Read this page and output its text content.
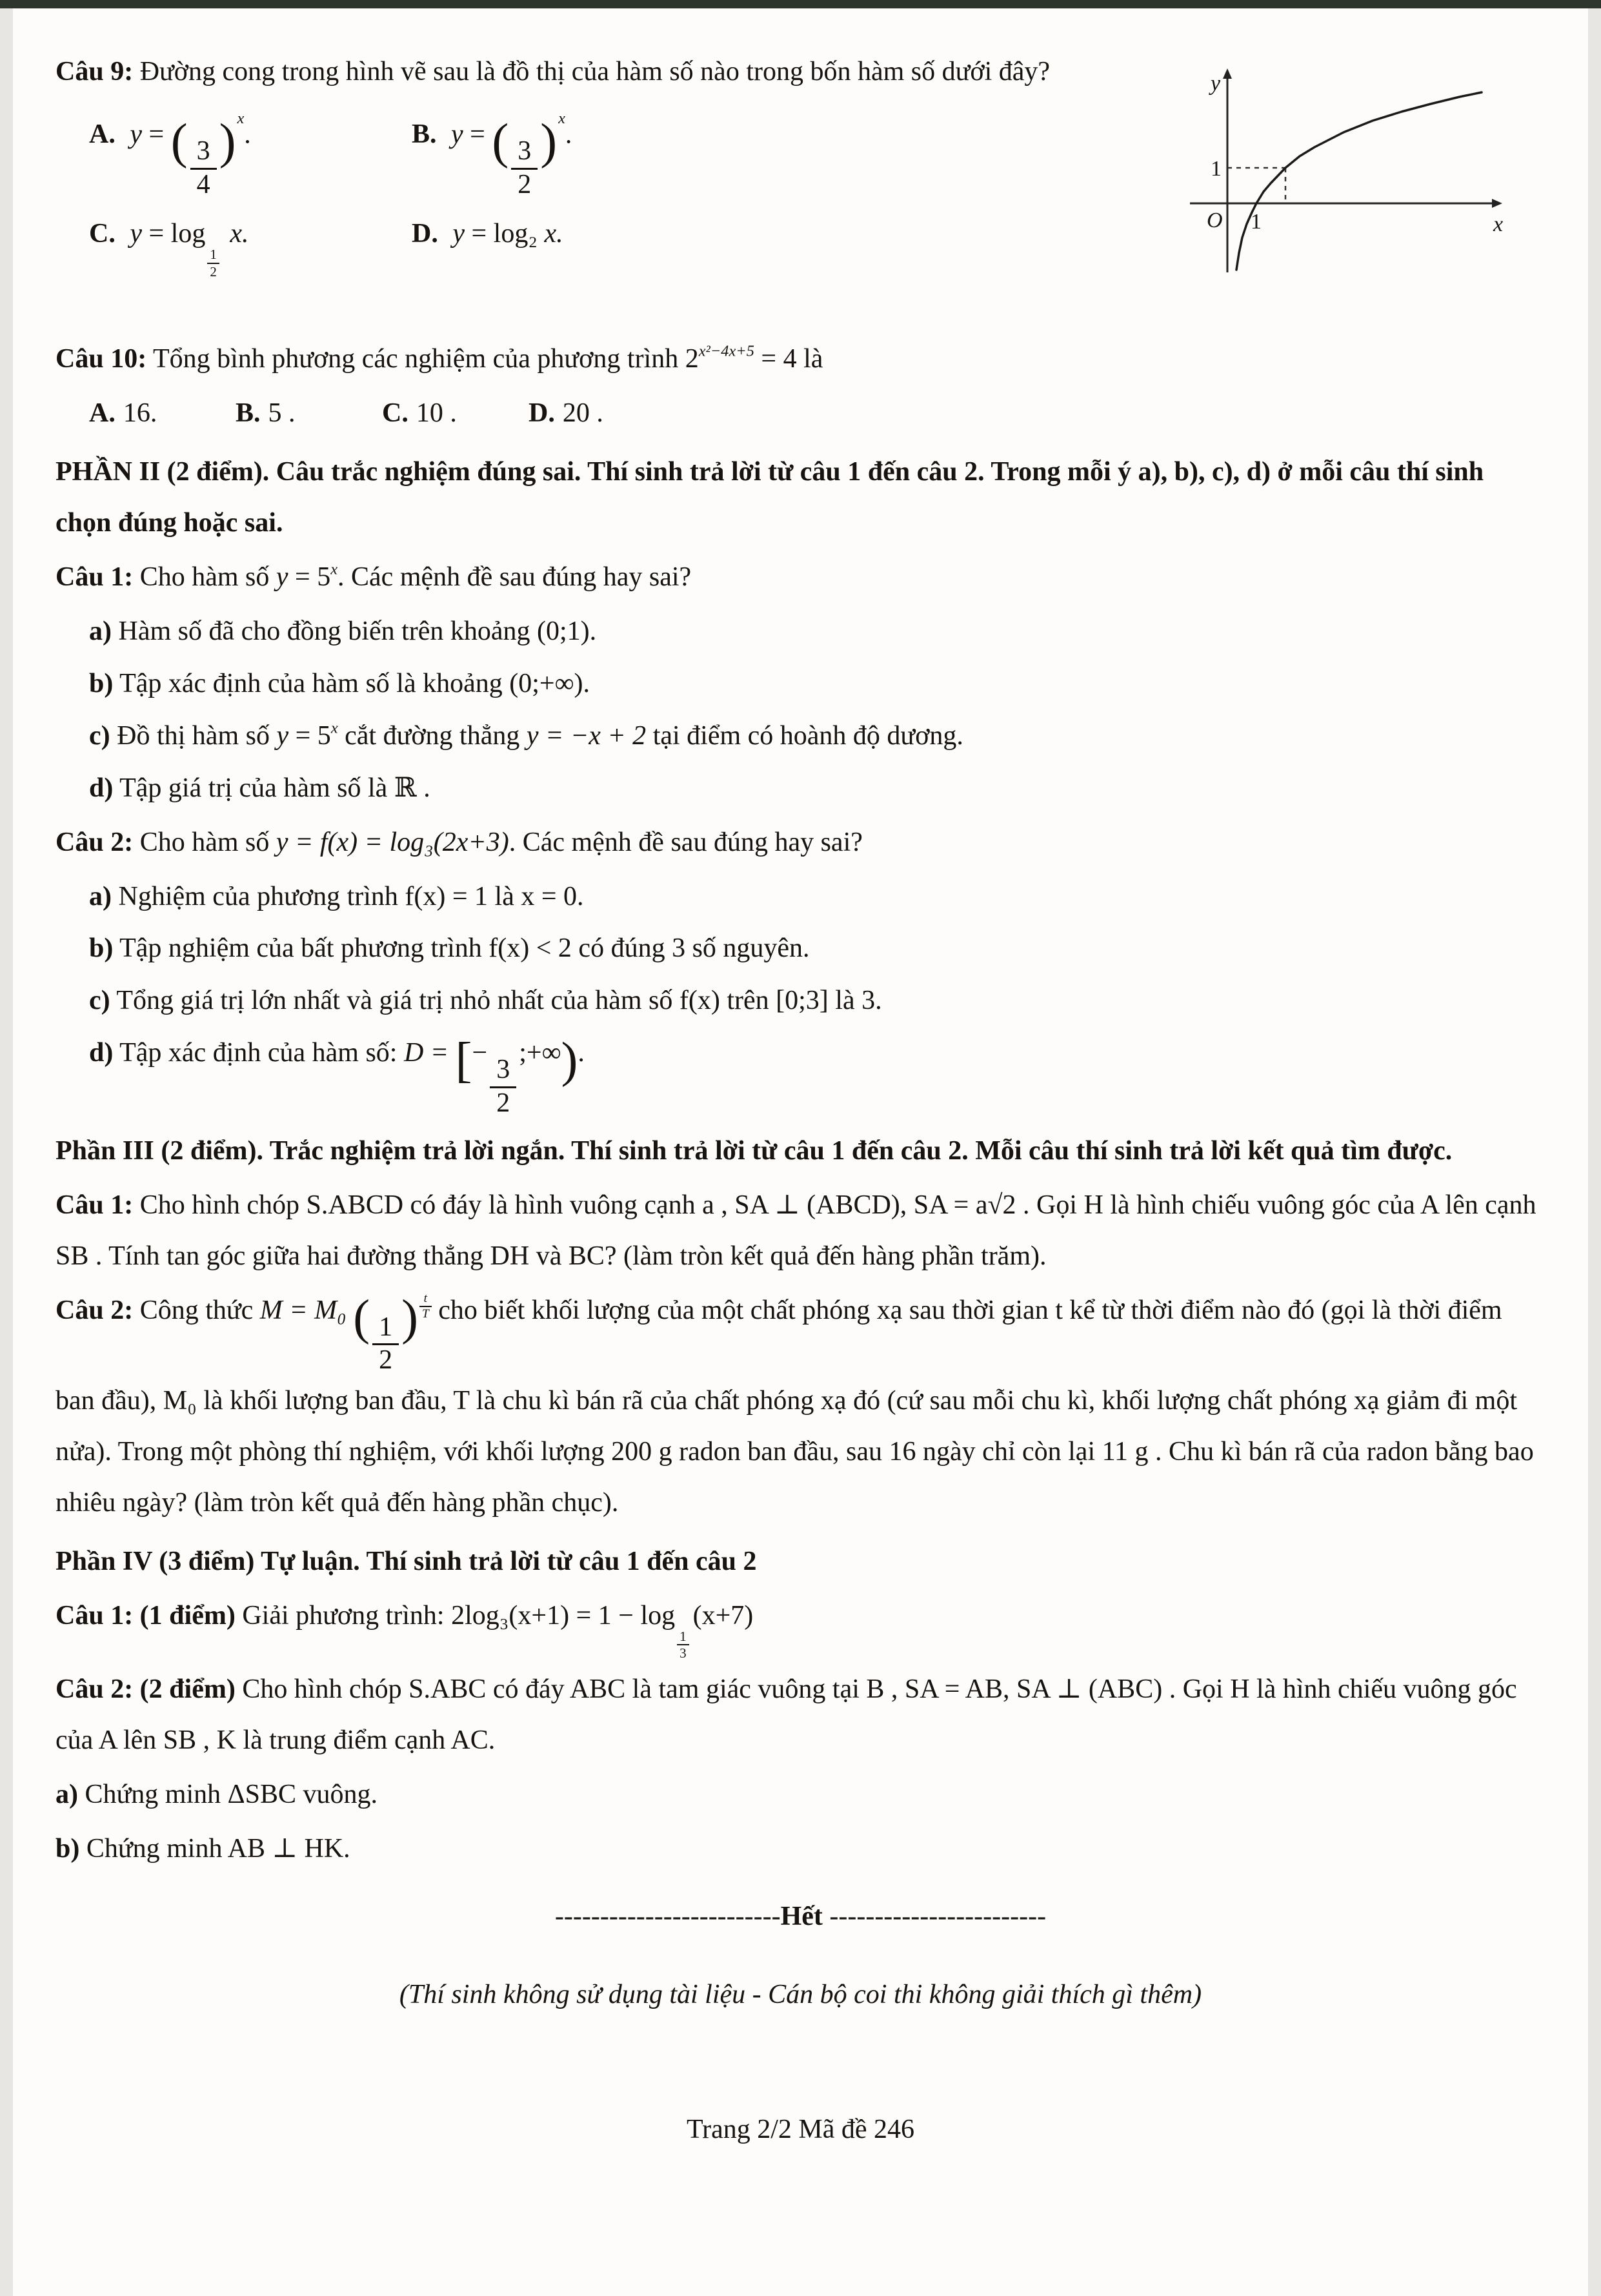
y
x
O
1
1

Câu 9: Đường cong trong hình vẽ sau là đồ thị của hàm số nào trong bốn hàm số dưới đây?

A. y = ( $\frac{3}{4} )^x$.	B. y = ( $\frac{3}{2} )^x$.
C. y = log
$\frac{1}{2}$
x.	D. y = log₂ x.

Câu 10: Tổng bình phương các nghiệm của phương trình $2^{x^2-4x+5} = 4$ là

A. 16.	B. 5 .	C. 10 .	D. 20 .

PHẦN II (2 điểm). Câu trắc nghiệm đúng sai. Thí sinh trả lời từ câu 1 đến câu 2. Trong mỗi ý a), b), c), d) ở mỗi câu thí sinh chọn đúng hoặc sai.

Câu 1: Cho hàm số $y = 5^x$. Các mệnh đề sau đúng hay sai?

a) Hàm số đã cho đồng biến trên khoảng (0;1).

b) Tập xác định của hàm số là khoảng (0;+∞).

c) Đồ thị hàm số $y = 5^x$ cắt đường thẳng y = −x + 2 tại điểm có hoành độ dương.

d) Tập giá trị của hàm số là ℝ .

Câu 2: Cho hàm số y = f(x) = log₃(2x+3). Các mệnh đề sau đúng hay sai?

a) Nghiệm của phương trình f(x) = 1 là x = 0.

b) Tập nghiệm của bất phương trình f(x) < 2 có đúng 3 số nguyên.

c) Tổng giá trị lớn nhất và giá trị nhỏ nhất của hàm số f(x) trên [0;3] là 3.

d) Tập xác định của hàm số: D = [−
$\frac{3}{2}$
;+∞).

Phần III (2 điểm). Trắc nghiệm trả lời ngắn. Thí sinh trả lời từ câu 1 đến câu 2. Mỗi câu thí sinh trả lời kết quả tìm được.

Câu 1: Cho hình chóp S.ABCD có đáy là hình vuông cạnh a , SA ⊥ (ABCD), SA = a√2 . Gọi H là hình chiếu vuông góc của A lên cạnh SB . Tính tan góc giữa hai đường thẳng DH và BC? (làm tròn kết quả đến hàng phần trăm).

Câu 2: Công thức M = M₀ ( $\frac{1}{2}$ ) $\frac{t}{T}$ cho biết khối lượng của một chất phóng xạ sau thời gian t kể từ thời điểm nào đó (gọi là thời điểm ban đầu), M₀ là khối lượng ban đầu, T là chu kì bán rã của chất phóng xạ đó (cứ sau mỗi chu kì, khối lượng chất phóng xạ giảm đi một nửa). Trong một phòng thí nghiệm, với khối lượng 200 g radon ban đầu, sau 16 ngày chỉ còn lại 11 g . Chu kì bán rã của radon bằng bao nhiêu ngày? (làm tròn kết quả đến hàng phần chục).

Phần IV (3 điểm) Tự luận. Thí sinh trả lời từ câu 1 đến câu 2

Câu 1: (1 điểm) Giải phương trình: 2log₃(x+1) = 1 − log
$\frac{1}{3}$
(x+7)

Câu 2: (2 điểm) Cho hình chóp S.ABC có đáy ABC là tam giác vuông tại B , SA = AB, SA ⊥ (ABC) . Gọi H là hình chiếu vuông góc của A lên SB , K là trung điểm cạnh AC.

a) Chứng minh ΔSBC vuông.

b) Chứng minh AB ⊥ HK.

-------------------------Hết ------------------------

(Thí sinh không sử dụng tài liệu - Cán bộ coi thi không giải thích gì thêm)

Trang 2/2 Mã đề 246
